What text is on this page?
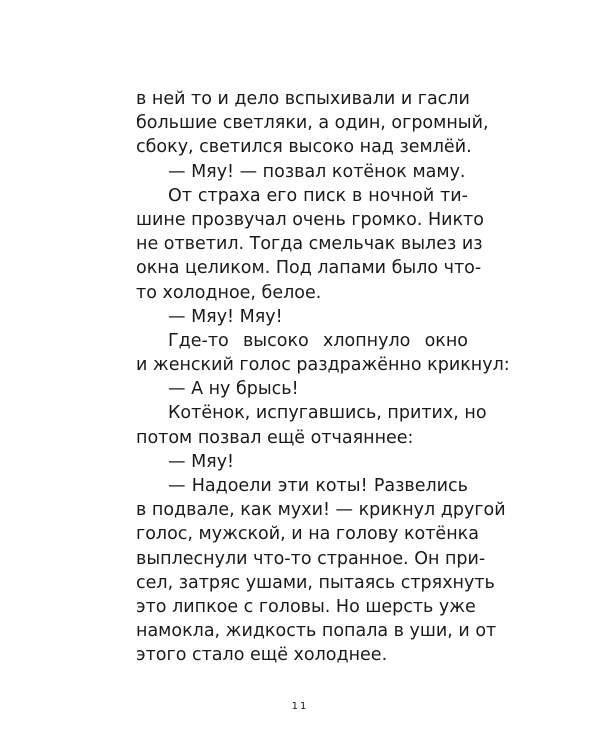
в ней то и дело вспыхивали и гасли
большие светляки, а один, огромный,
сбоку, светился высоко над землёй.
— Мяу! — позвал котёнок маму.
От страха его писк в ночной ти-
шине прозвучал очень громко. Никто
не ответил. Тогда смельчак вылез из
окна целиком. Под лапами было что-
то холодное, белое.
— Мяу! Мяу!
Где-то высоко хлопнуло окно
и женский голос раздражённо крикнул:
— А ну брысь!
Котёнок, испугавшись, притих, но
потом позвал ещё отчаяннее:
— Мяу!
— Надоели эти коты! Развелись
в подвале, как мухи! — крикнул другой
голос, мужской, и на голову котёнка
выплеснули что-то странное. Он при-
сел, затряс ушами, пытаясь стряхнуть
это липкое с головы. Но шерсть уже
намокла, жидкость попала в уши, и от
этого стало ещё холоднее.
11
